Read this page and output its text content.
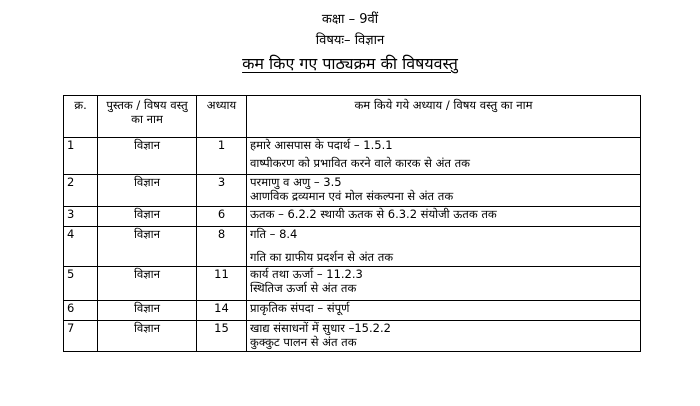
कक्षा – 9वीं
विषयः– विज्ञान
कम किए गए पाठ्यक्रम की विषयवस्तु
क्र.	पुस्तक / विषय वस्तु का नाम	अध्याय	कम किये गये अध्याय / विषय वस्तु का नाम
1	विज्ञान	1	हमारे आसपास के पदार्थ – 1.5.1
वाष्पीकरण को प्रभावित करने वाले कारक से अंत तक

2	विज्ञान	3	परमाणु व अणु – 3.5
आणविक द्रव्यमान एवं मोल संकल्पना से अंत तक

3	विज्ञान	6	ऊतक – 6.2.2 स्थायी ऊतक से 6.3.2 संयोजी ऊतक तक

4	विज्ञान	8	गति – 8.4
गति का ग्राफीय प्रदर्शन से अंत तक

5	विज्ञान	11	कार्य तथा ऊर्जा – 11.2.3
स्थितिज ऊर्जा से अंत तक

6	विज्ञान	14	प्राकृतिक संपदा – संपूर्ण

7	विज्ञान	15	खाद्य संसाधनों में सुधार –15.2.2
कुक्कुट पालन से अंत तक
